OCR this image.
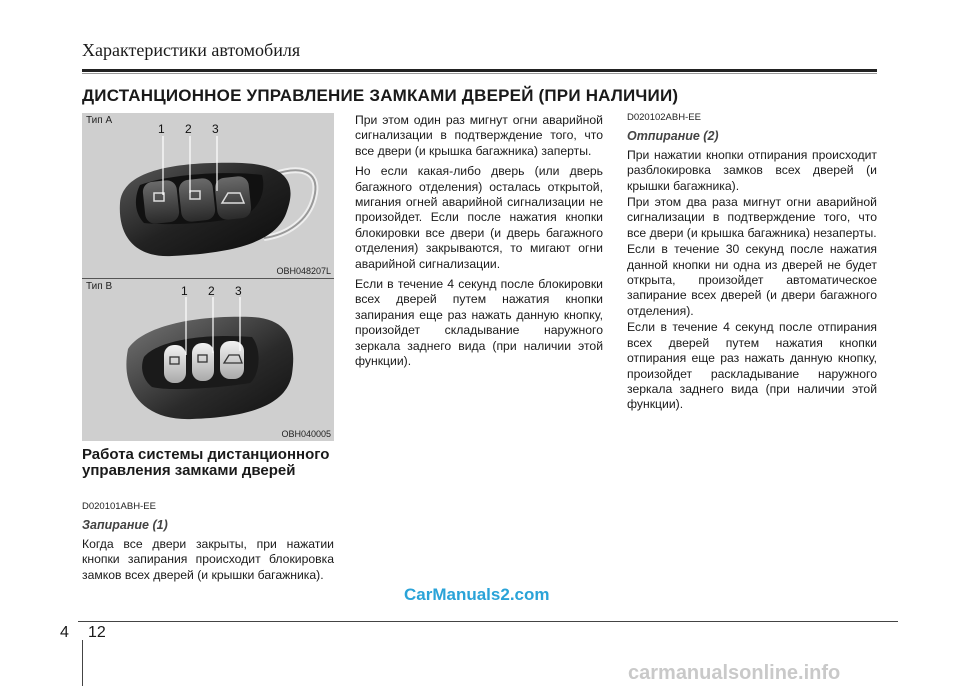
Характеристики автомобиля
ДИСТАНЦИОННОЕ УПРАВЛЕНИЕ ЗАМКАМИ ДВЕРЕЙ (ПРИ НАЛИЧИИ)
1 2 3
Тип A
OBH048207L
1 2 3
Тип B
OBH040005
Работа системы дистанционного управления замками дверей
D020101ABH-EE
Запирание (1)

Когда все двери закрыты, при нажатии кнопки запирания происходит блокировка замков всех дверей (и крышки багажника).

При этом один раз мигнут огни аварийной сигнализации в подтверждение того, что все двери (и крышка багажника) заперты.

Но если какая-либо дверь (или дверь багажного отделения) осталась открытой, мигания огней аварийной сигнализации не произойдет. Если после нажатия кнопки блокировки все двери (и дверь багажного отделения) закрываются, то мигают огни аварийной сигнализации.

Если в течение 4 секунд после блокировки всех дверей путем нажатия кнопки запирания еще раз нажать данную кнопку, произойдет складывание наружного зеркала заднего вида (при наличии этой функции).

D020102ABH-EE
Отпирание (2)

При нажатии кнопки отпирания происходит разблокировка замков всех дверей (и крышки багажника).

При этом два раза мигнут огни аварийной сигнализации в подтверждение того, что все двери (и крышка багажника) незаперты.

Если в течение 30 секунд после нажатия данной кнопки ни одна из дверей не будет открыта, произойдет автоматическое запирание всех дверей (и двери багажного отделения).

Если в течение 4 секунд после отпирания всех дверей путем нажатия кнопки отпирания еще раз нажать данную кнопку, произойдет раскладывание наружного зеркала заднего вида (при наличии этой функции).

CarManuals2.com
4 12
carmanualsonline.info
